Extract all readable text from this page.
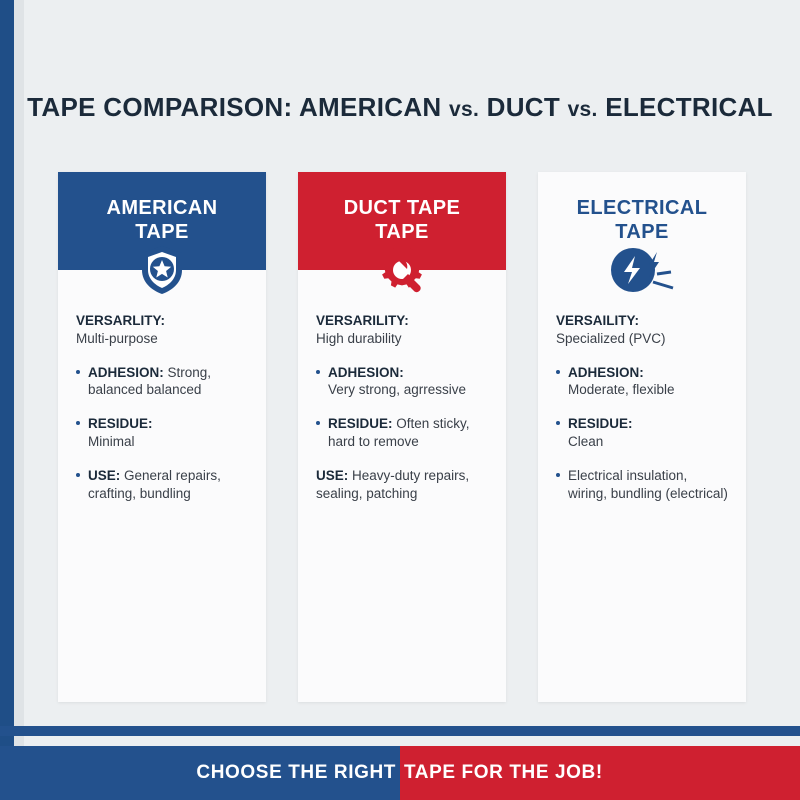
TAPE COMPARISON: AMERICAN vs. DUCT vs. ELECTRICAL
AMERICAN
TAPE
VERSARLITY:
Multi-purpose
ADHESION: Strong, balanced balanced
RESIDUE:
Minimal
USE: General repairs, crafting, bundling
DUCT TAPE
TAPE
VERSARILITY:
High durability
ADHESION:
Very strong, agrressive
RESIDUE: Often sticky, hard to remove
USE: Heavy-duty repairs, sealing, patching
ELECTRICAL
TAPE
VERSAILITY:
Specialized (PVC)
ADHESION:
Moderate, flexible
RESIDUE:
Clean
Electrical insulation, wiring, bundling (electrical)
CHOOSE THE RIGHT TAPE FOR THE JOB!
